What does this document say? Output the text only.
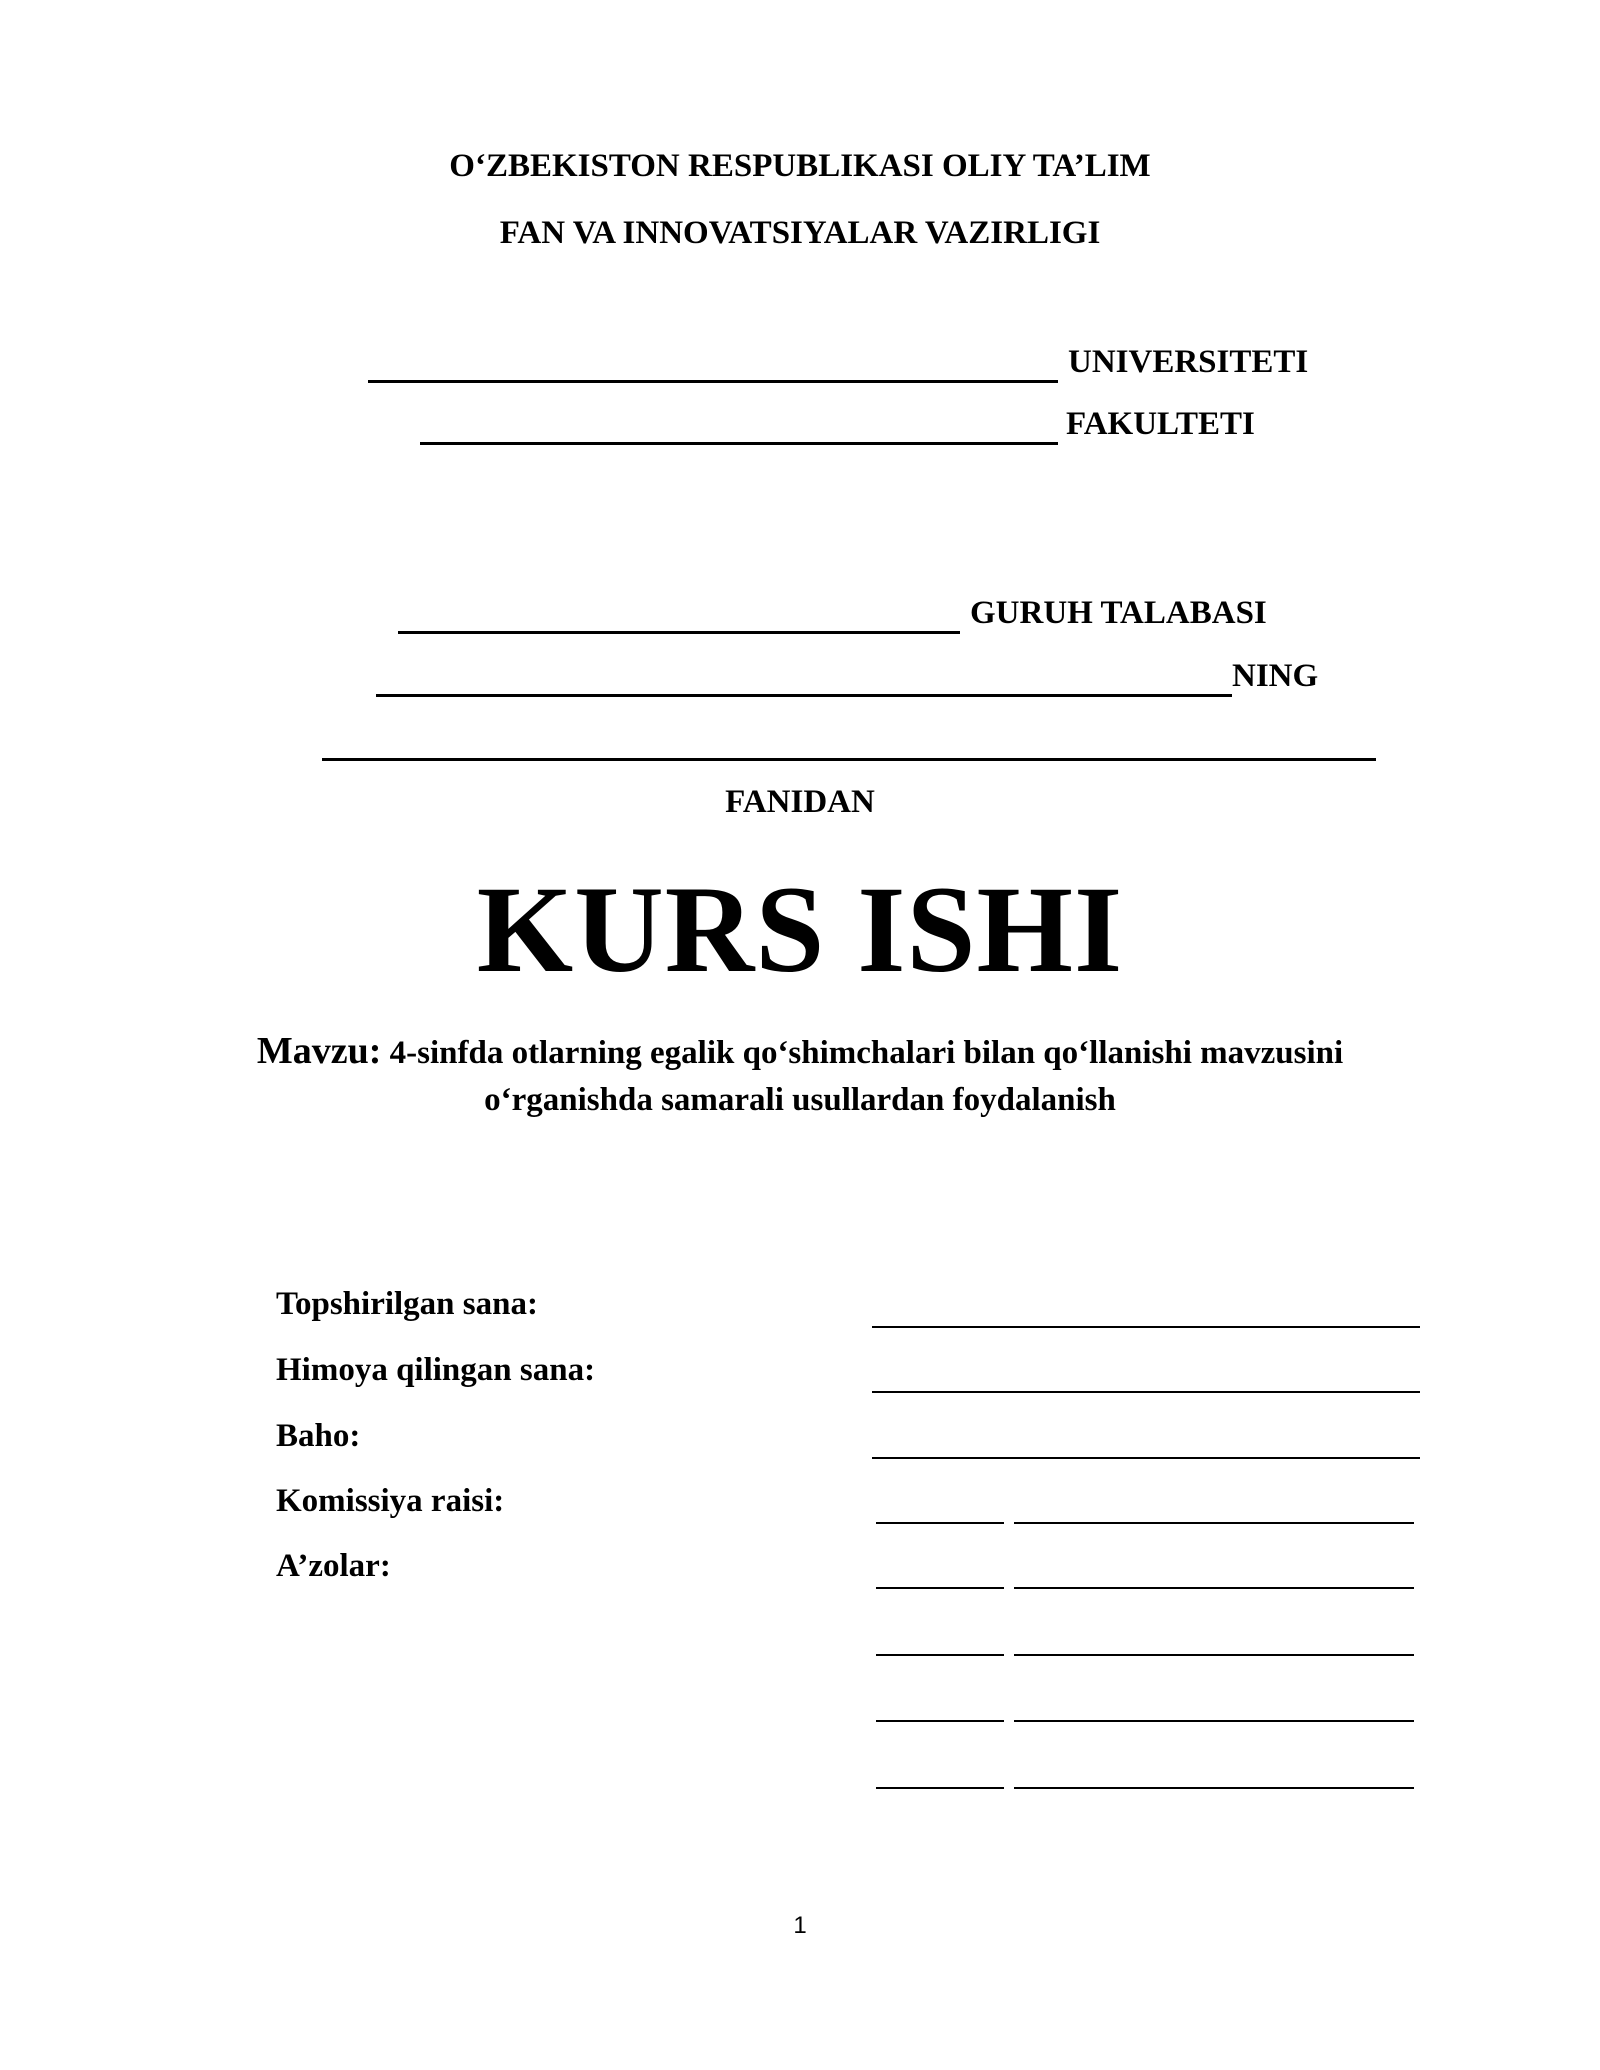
O‘ZBEKISTON RESPUBLIKASI OLIY TA’LIM
FAN VA INNOVATSIYALAR VAZIRLIGI
UNIVERSITETI
FAKULTETI
GURUH TALABASI
NING
FANIDAN
KURS ISHI
Mavzu: 4-sinfda otlarning egalik qo‘shimchalari bilan qo‘llanishi mavzusini
o‘rganishda samarali usullardan foydalanish
Topshirilgan sana:
Himoya qilingan sana:
Baho:
Komissiya raisi:
A’zolar:
1
